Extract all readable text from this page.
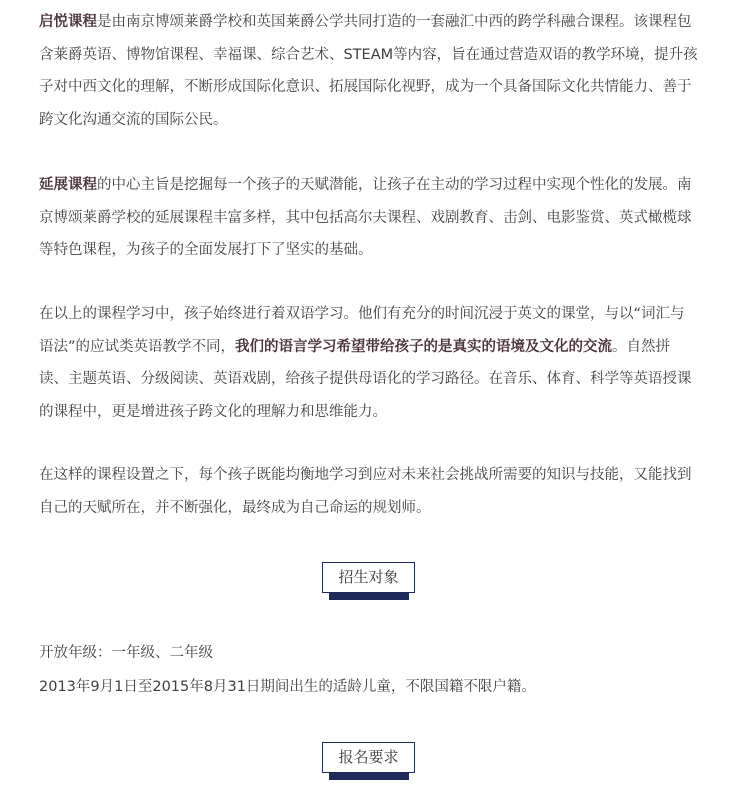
启悦课程是由南京博颂莱爵学校和英国莱爵公学共同打造的一套融汇中西的跨学科融合课程。该课程包
含莱爵英语、博物馆课程、幸福课、综合艺术、STEAM等内容，旨在通过营造双语的教学环境，提升孩
子对中西文化的理解，不断形成国际化意识、拓展国际化视野，成为一个具备国际文化共情能力、善于
跨文化沟通交流的国际公民。
延展课程的中心主旨是挖掘每一个孩子的天赋潜能，让孩子在主动的学习过程中实现个性化的发展。南
京博颂莱爵学校的延展课程丰富多样，其中包括高尔夫课程、戏剧教育、击剑、电影鉴赏、英式橄榄球
等特色课程，为孩子的全面发展打下了坚实的基础。
在以上的课程学习中，孩子始终进行着双语学习。他们有充分的时间沉浸于英文的课堂，与以“词汇与
语法”的应试类英语教学不同，我们的语言学习希望带给孩子的是真实的语境及文化的交流。自然拼
读、主题英语、分级阅读、英语戏剧，给孩子提供母语化的学习路径。在音乐、体育、科学等英语授课
的课程中，更是增进孩子跨文化的理解力和思维能力。
在这样的课程设置之下，每个孩子既能均衡地学习到应对未来社会挑战所需要的知识与技能，又能找到
自己的天赋所在，并不断强化，最终成为自己命运的规划师。
招生对象
开放年级：一年级、二年级
2013年9月1日至2015年8月31日期间出生的适龄儿童，不限国籍不限户籍。
报名要求
